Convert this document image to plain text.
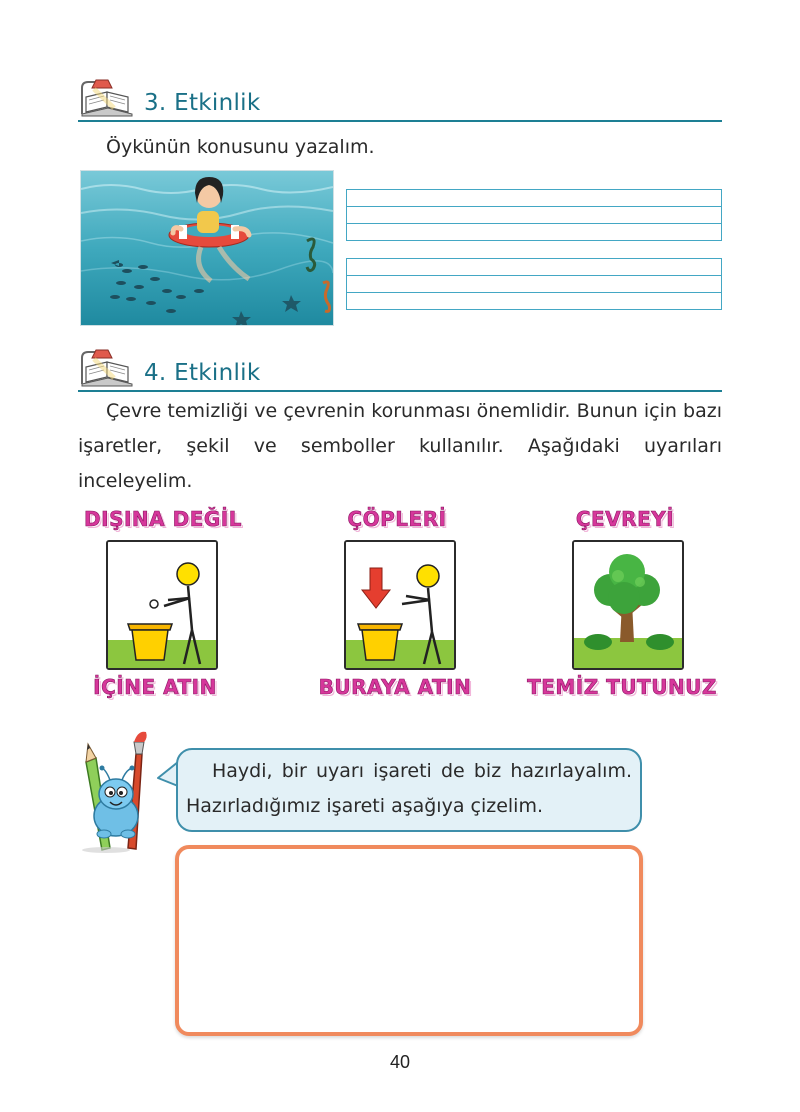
3. Etkinlik
Öykünün konusunu yazalım.
4. Etkinlik
Çevre temizliği ve çevrenin korunması önemlidir. Bunun için bazı işaretler, şekil ve semboller kullanılır. Aşağıdaki uyarıları inceleyelim.
DIŞINA DEĞİL
İÇİNE ATIN
ÇÖPLERİ
BURAYA ATIN
ÇEVREYİ
TEMİZ TUTUNUZ
Haydi, bir uyarı işareti de biz hazırlayalım. Hazırladığımız işareti aşağıya çizelim.
40
